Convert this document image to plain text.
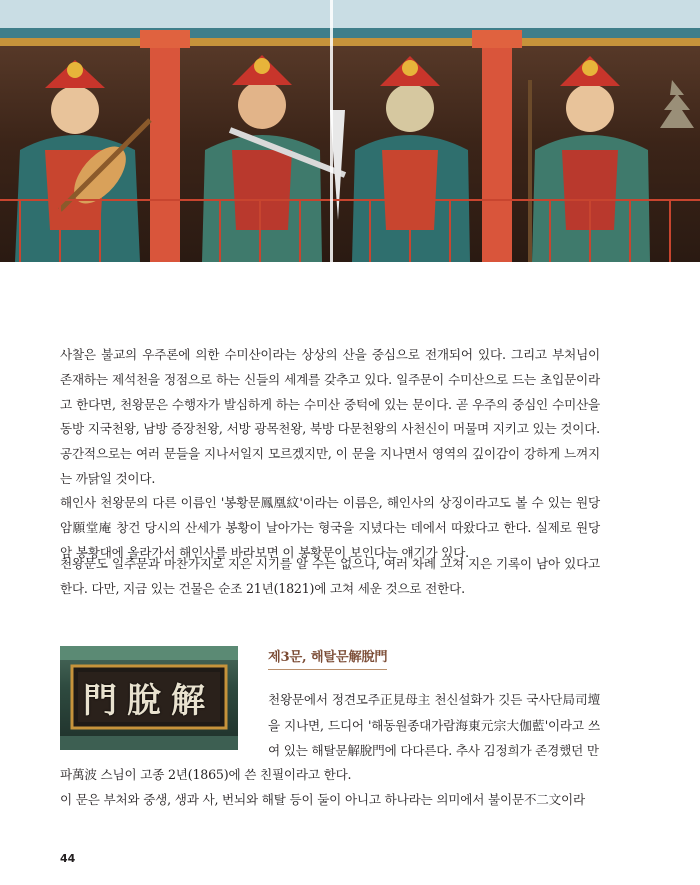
사찰은 불교의 우주론에 의한 수미산이라는 상상의 산을 중심으로 전개되어 있다. 그리고 부처님이 존재하는 제석천을 정점으로 하는 신들의 세계를 갖추고 있다. 일주문이 수미산으로 드는 초입문이라고 한다면, 천왕문은 수행자가 발심하게 하는 수미산 중턱에 있는 문이다. 곧 우주의 중심인 수미산을 동방 지국천왕, 남방 증장천왕, 서방 광목천왕, 북방 다문천왕의 사천신이 머물며 지키고 있는 것이다. 공간적으로는 여러 문들을 지나서일지 모르겠지만, 이 문을 지나면서 영역의 깊이감이 강하게 느껴지는 까닭일 것이다.

해인사 천왕문의 다른 이름인 '봉황문鳳凰紋'이라는 이름은, 해인사의 상징이라고도 볼 수 있는 원당암願堂庵 창건 당시의 산세가 봉황이 날아가는 형국을 지녔다는 데에서 따왔다고 한다. 실제로 원당암 봉황대에 올라가서 해인사를 바라보면 이 봉황문이 보인다는 얘기가 있다.

천왕문도 일주문과 마찬가지로 지은 시기를 알 수는 없으나, 여러 차례 고쳐 지은 기록이 남아 있다고 한다. 다만, 지금 있는 건물은 순조 21년(1821)에 고쳐 세운 것으로 전한다.

門脫解
제3문, 해탈문解脫門

천왕문에서 정견모주正見母主 천신설화가 깃든 국사단局司壇을 지나면, 드디어 '해동원종대가람海東元宗大伽藍'이라고 쓰여 있는 해탈문解脫門에 다다른다. 추사 김정희가 존경했던 만

파萬波 스님이 고종 2년(1865)에 쓴 친필이라고 한다.
이 문은 부처와 중생, 생과 사, 번뇌와 해탈 등이 둘이 아니고 하나라는 의미에서 불이문不二文이라

44
